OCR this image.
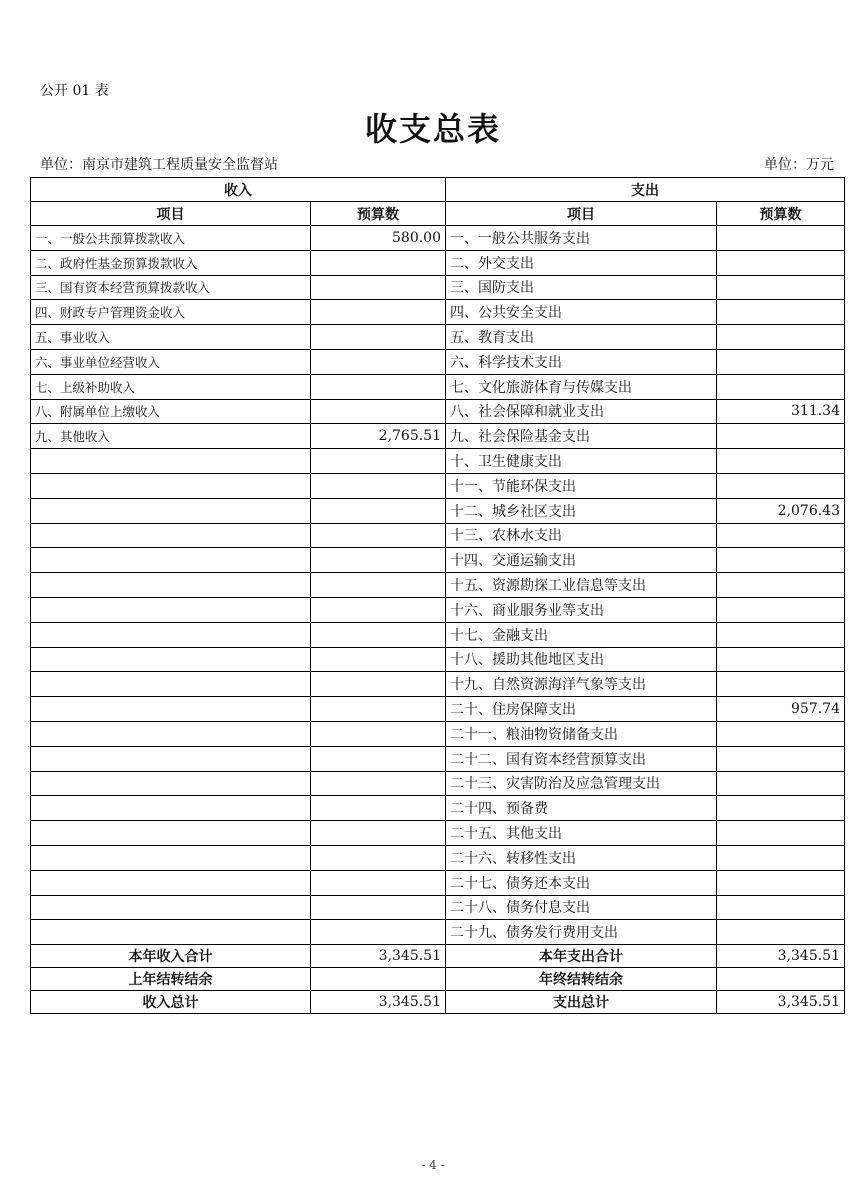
公开 01 表
收支总表
单位：南京市建筑工程质量安全监督站	单位：万元
收入		支出	
项目	预算数	项目	预算数
一、一般公共预算拨款收入	580.00	一、一般公共服务支出	
二、政府性基金预算拨款收入		二、外交支出	
三、国有资本经营预算拨款收入		三、国防支出	
四、财政专户管理资金收入		四、公共安全支出	
五、事业收入		五、教育支出	
六、事业单位经营收入		六、科学技术支出	
七、上级补助收入		七、文化旅游体育与传媒支出	
八、附属单位上缴收入		八、社会保障和就业支出	311.34
九、其他收入	2,765.51	九、社会保险基金支出	
		十、卫生健康支出	
		十一、节能环保支出	
		十二、城乡社区支出	2,076.43
		十三、农林水支出	
		十四、交通运输支出	
		十五、资源勘探工业信息等支出	
		十六、商业服务业等支出	
		十七、金融支出	
		十八、援助其他地区支出	
		十九、自然资源海洋气象等支出	
		二十、住房保障支出	957.74
		二十一、粮油物资储备支出	
		二十二、国有资本经营预算支出	
		二十三、灾害防治及应急管理支出	
		二十四、预备费	
		二十五、其他支出	
		二十六、转移性支出	
		二十七、债务还本支出	
		二十八、债务付息支出	
		二十九、债务发行费用支出	
本年收入合计	3,345.51	本年支出合计	3,345.51
上年结转结余		年终结转结余	
收入总计	3,345.51	支出总计	3,345.51
- 4 -
